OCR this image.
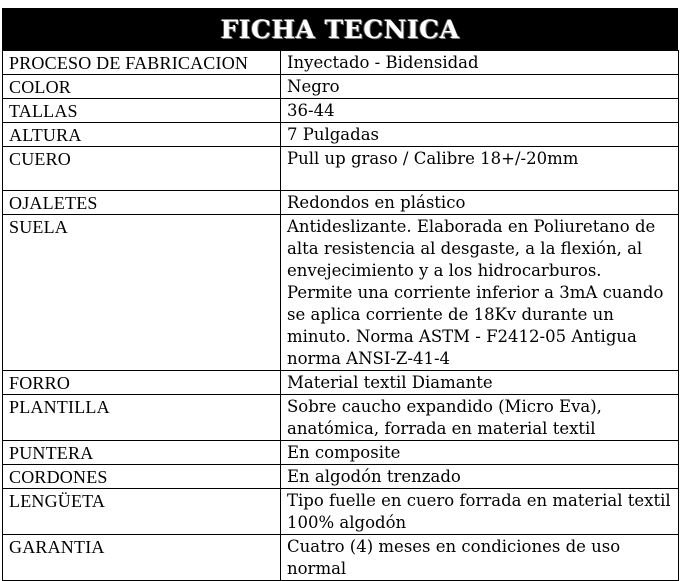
FICHA TECNICA
PROCESO DE FABRICACION	Inyectado - Bidensidad
COLOR	Negro
TALLAS	36-44
ALTURA	7 Pulgadas
CUERO	Pull up graso / Calibre 18+/-20mm
OJALETES	Redondos en plástico
SUELA	Antideslizante. Elaborada en Poliuretano de alta resistencia al desgaste, a la flexión, al envejecimiento y a los hidrocarburos. Permite una corriente inferior a 3mA cuando se aplica corriente de 18Kv durante un minuto. Norma ASTM - F2412-05 Antigua norma ANSI-Z-41-4
FORRO	Material textil Diamante
PLANTILLA	Sobre caucho expandido (Micro Eva), anatómica, forrada en material textil
PUNTERA	En composite
CORDONES	En algodón trenzado
LENGÜETA	Tipo fuelle en cuero forrada en material textil 100% algodón
GARANTIA	Cuatro (4) meses en condiciones de uso normal
